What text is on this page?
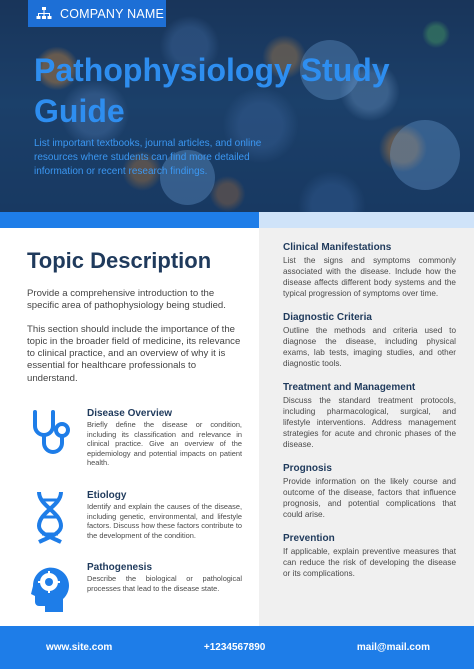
COMPANY NAME
Pathophysiology Study Guide

List important textbooks, journal articles, and online resources where students can find more detailed information or recent research findings.

Topic Description

Provide a comprehensive introduction to the specific area of pathophysiology being studied.

This section should include the importance of the topic in the broader field of medicine, its relevance to clinical practice, and an overview of why it is essential for healthcare professionals to understand.

Disease Overview

Briefly define the disease or condition, including its classification and relevance in clinical practice. Give an overview of the epidemiology and potential impacts on patient health.

Etiology

Identify and explain the causes of the disease, including genetic, environmental, and lifestyle factors. Discuss how these factors contribute to the development of the condition.

Pathogenesis

Describe the biological or pathological processes that lead to the disease state.

Clinical Manifestations

List the signs and symptoms commonly associated with the disease. Include how the disease affects different body systems and the typical progression of symptoms over time.

Diagnostic Criteria

Outline the methods and criteria used to diagnose the disease, including physical exams, lab tests, imaging studies, and other diagnostic tools.

Treatment and Management

Discuss the standard treatment protocols, including pharmacological, surgical, and lifestyle interventions. Address management strategies for acute and chronic phases of the disease.

Prognosis

Provide information on the likely course and outcome of the disease, factors that influence prognosis, and potential complications that could arise.

Prevention

If applicable, explain preventive measures that can reduce the risk of developing the disease or its complications.

www.site.com	+1234567890	mail@mail.com
